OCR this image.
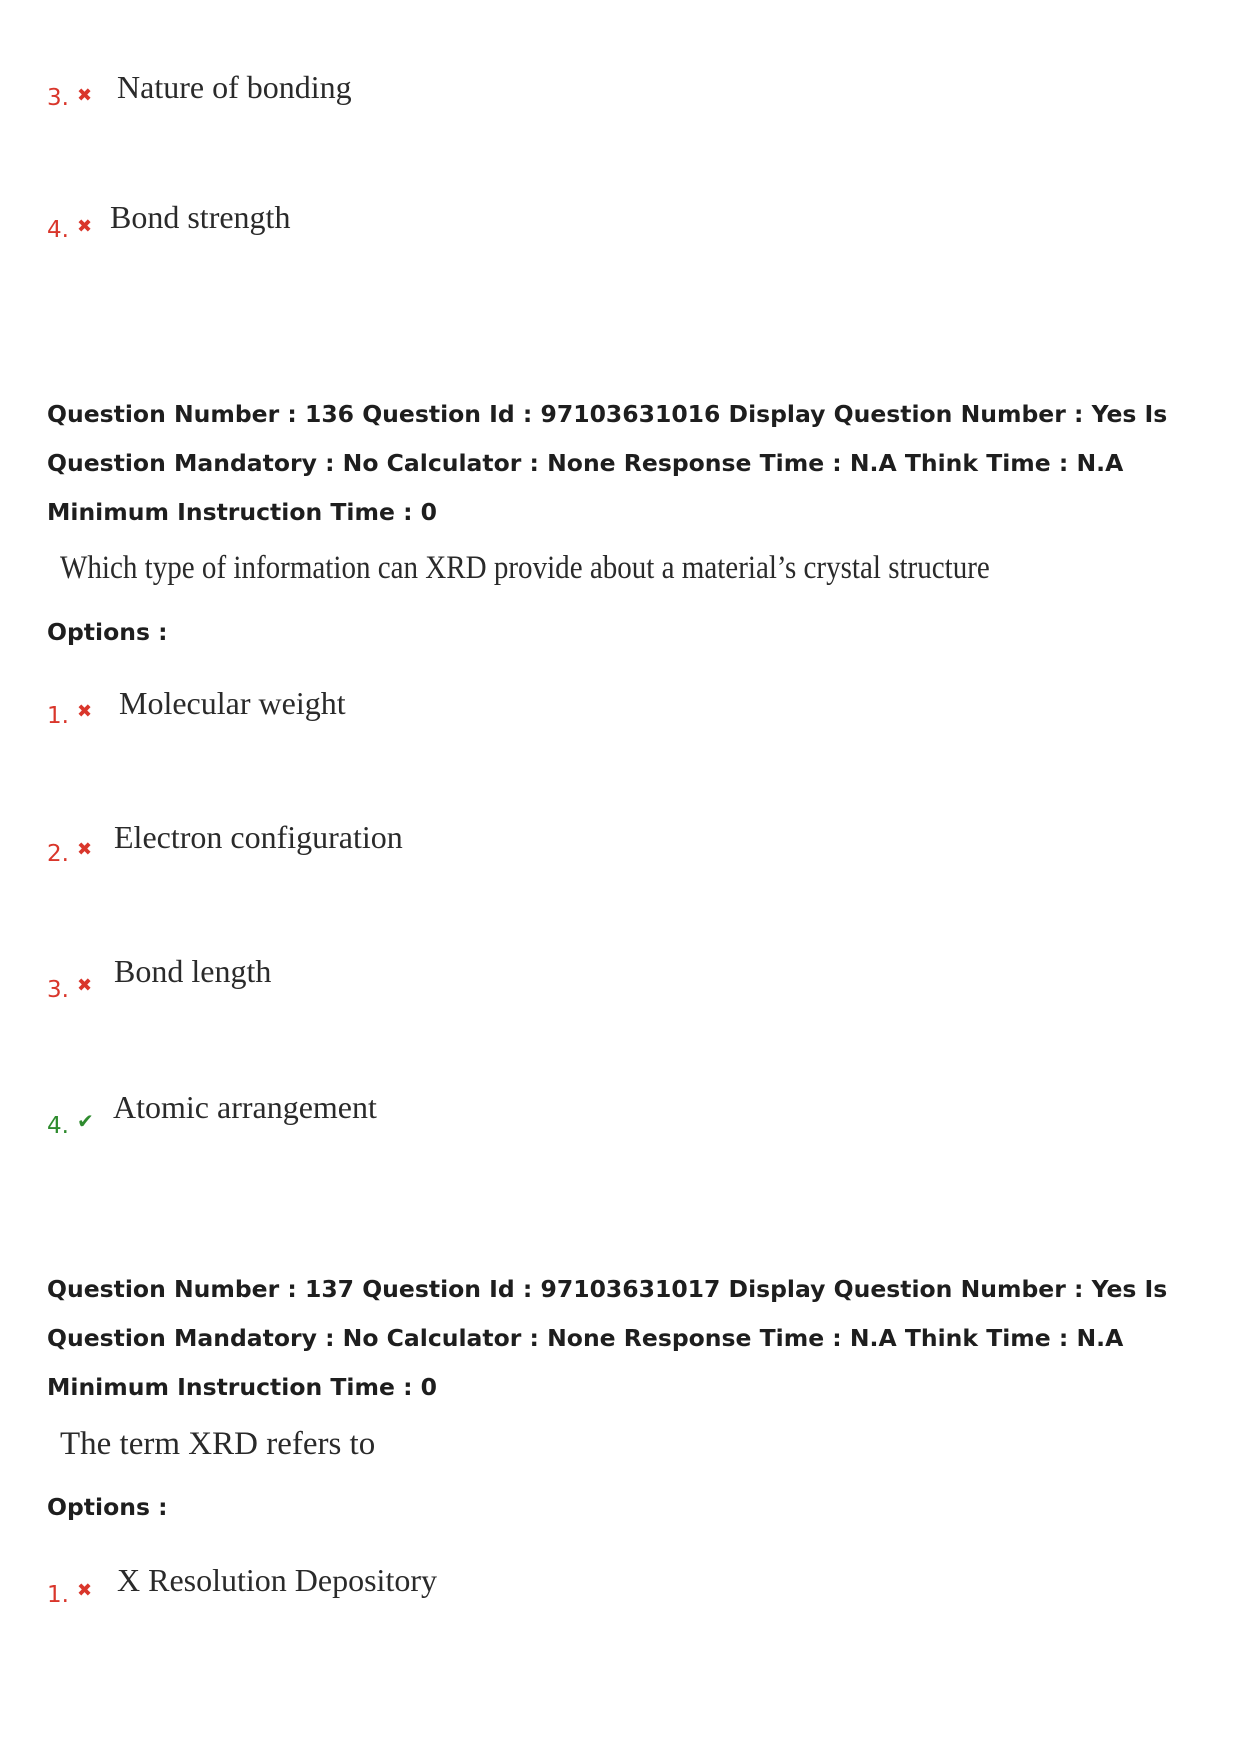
3. ✖ Nature of bonding
4. ✖ Bond strength

Question Number : 136 Question Id : 97103631016 Display Question Number : Yes Is Question Mandatory : No Calculator : None Response Time : N.A Think Time : N.A Minimum Instruction Time : 0

Which type of information can XRD provide about a material’s crystal structure
Options :
1. ✖ Molecular weight
2. ✖ Electron configuration
3. ✖ Bond length
4. ✔ Atomic arrangement

Question Number : 137 Question Id : 97103631017 Display Question Number : Yes Is Question Mandatory : No Calculator : None Response Time : N.A Think Time : N.A Minimum Instruction Time : 0

The term XRD refers to
Options :
1. ✖ X Resolution Depository
